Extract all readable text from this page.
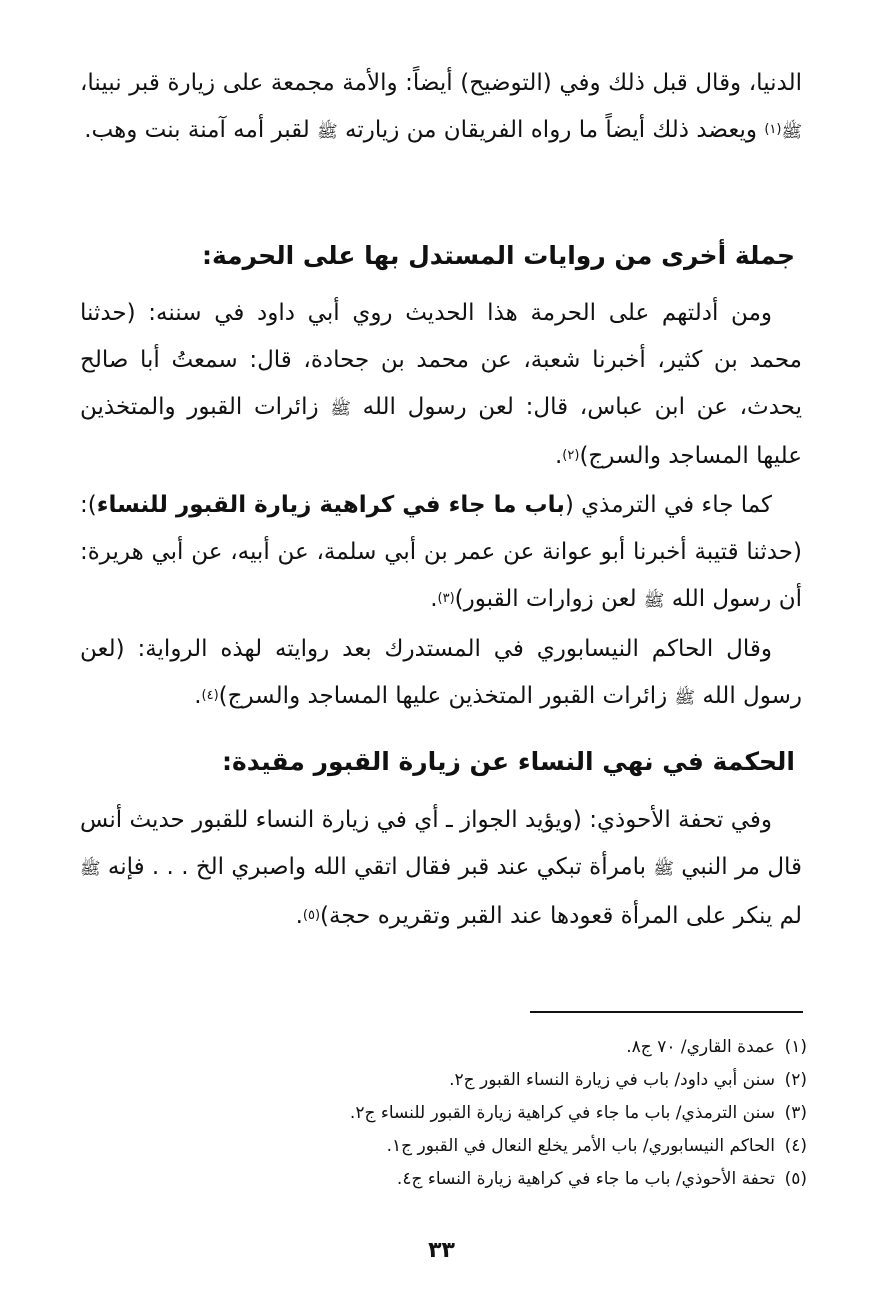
الدنيا، وقال قبل ذلك وفي (التوضيح) أيضاً: والأمة مجمعة على زيارة قبر نبينا، ﷺ$^{(١)}$ ويعضد ذلك أيضاً ما رواه الفريقان من زيارته ﷺ لقبر أمه آمنة بنت وهب.

جملة أخرى من روايات المستدل بها على الحرمة:

ومن أدلتهم على الحرمة هذا الحديث روي أبي داود في سننه: (حدثنا محمد بن كثير، أخبرنا شعبة، عن محمد بن جحادة، قال: سمعتُ أبا صالح يحدث، عن ابن عباس، قال: لعن رسول الله ﷺ زائرات القبور والمتخذين عليها المساجد والسرج)$^{(٢)}$.

كما جاء في الترمذي (باب ما جاء في كراهية زيارة القبور للنساء): (حدثنا قتيبة أخبرنا أبو عوانة عن عمر بن أبي سلمة، عن أبيه، عن أبي هريرة: أن رسول الله ﷺ لعن زوارات القبور)$^{(٣)}$.

وقال الحاكم النيسابوري في المستدرك بعد روايته لهذه الرواية: (لعن رسول الله ﷺ زائرات القبور المتخذين عليها المساجد والسرج)$^{(٤)}$.

الحكمة في نهي النساء عن زيارة القبور مقيدة:

وفي تحفة الأحوذي: (ويؤيد الجواز ـ أي في زيارة النساء للقبور حديث أنس قال مر النبي ﷺ بامرأة تبكي عند قبر فقال اتقي الله واصبري الخ . . . فإنه ﷺ لم ينكر على المرأة قعودها عند القبر وتقريره حجة)$^{(٥)}$.

(١)عمدة القاري/ ٧٠ ج٨.
(٢)سنن أبي داود/ باب في زيارة النساء القبور ج٢.
(٣)سنن الترمذي/ باب ما جاء في كراهية زيارة القبور للنساء ج٢.
(٤)الحاكم النيسابوري/ باب الأمر يخلع النعال في القبور ج١.
(٥)تحفة الأحوذي/ باب ما جاء في كراهية زيارة النساء ج٤.
٣٣
